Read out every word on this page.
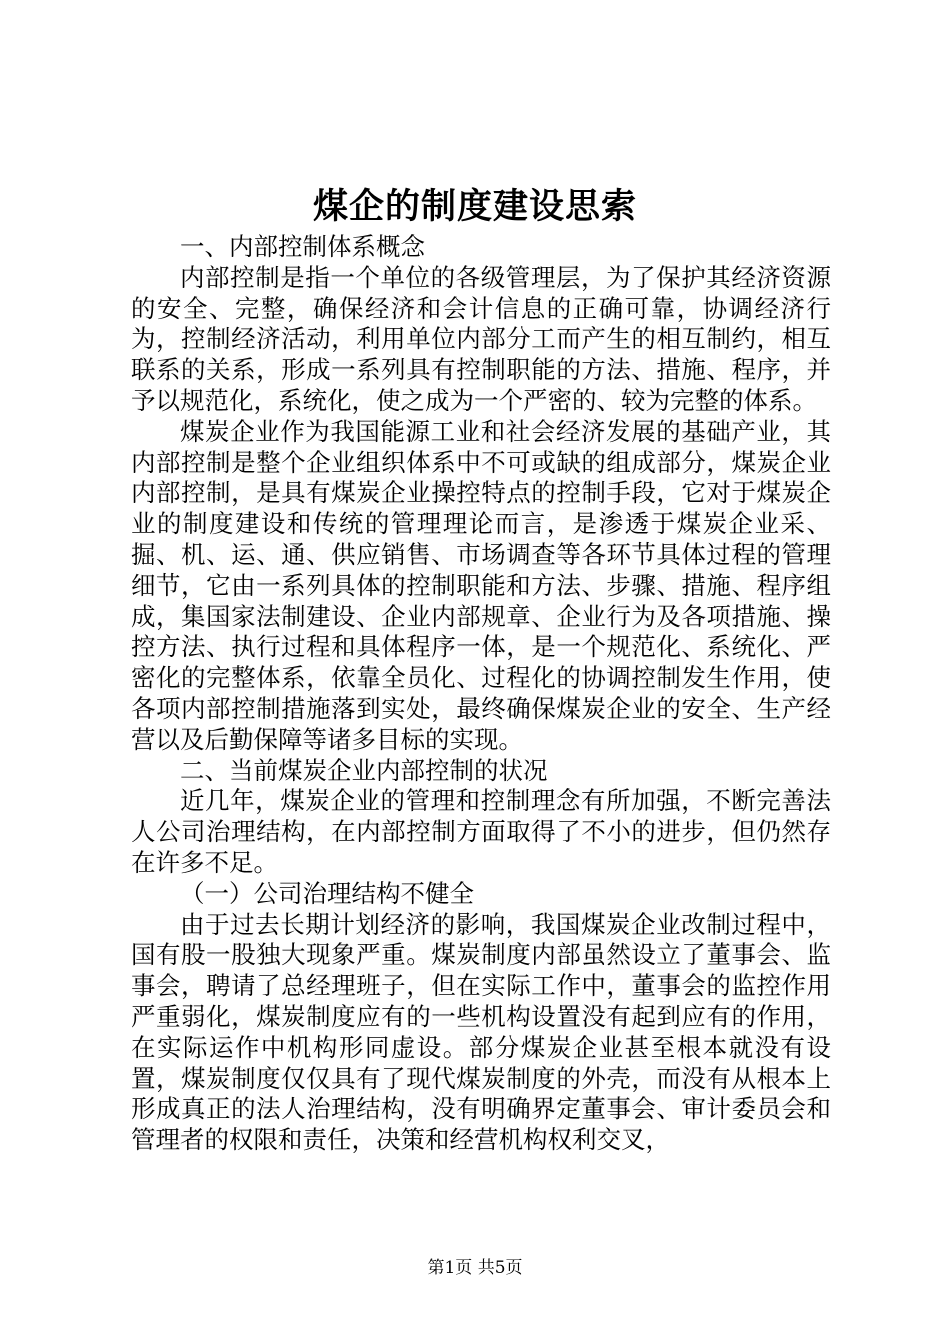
煤企的制度建设思索

一、内部控制体系概念

内部控制是指一个单位的各级管理层，为了保护其经济资源的安全、完整，确保经济和会计信息的正确可靠，协调经济行为，控制经济活动，利用单位内部分工而产生的相互制约，相互联系的关系，形成一系列具有控制职能的方法、措施、程序，并予以规范化，系统化，使之成为一个严密的、较为完整的体系。

煤炭企业作为我国能源工业和社会经济发展的基础产业，其内部控制是整个企业组织体系中不可或缺的组成部分，煤炭企业内部控制，是具有煤炭企业操控特点的控制手段，它对于煤炭企业的制度建设和传统的管理理论而言，是渗透于煤炭企业采、掘、机、运、通、供应销售、市场调查等各环节具体过程的管理细节，它由一系列具体的控制职能和方法、步骤、措施、程序组成，集国家法制建设、企业内部规章、企业行为及各项措施、操控方法、执行过程和具体程序一体，是一个规范化、系统化、严密化的完整体系，依靠全员化、过程化的协调控制发生作用，使各项内部控制措施落到实处，最终确保煤炭企业的安全、生产经营以及后勤保障等诸多目标的实现。

二、当前煤炭企业内部控制的状况

近几年，煤炭企业的管理和控制理念有所加强，不断完善法人公司治理结构，在内部控制方面取得了不小的进步，但仍然存在许多不足。

（一）公司治理结构不健全

由于过去长期计划经济的影响，我国煤炭企业改制过程中，国有股一股独大现象严重。煤炭制度内部虽然设立了董事会、监事会，聘请了总经理班子，但在实际工作中，董事会的监控作用严重弱化，煤炭制度应有的一些机构设置没有起到应有的作用，在实际运作中机构形同虚设。部分煤炭企业甚至根本就没有设置，煤炭制度仅仅具有了现代煤炭制度的外壳，而没有从根本上形成真正的法人治理结构，没有明确界定董事会、审计委员会和管理者的权限和责任，决策和经营机构权利交叉，

第1页 共5页
